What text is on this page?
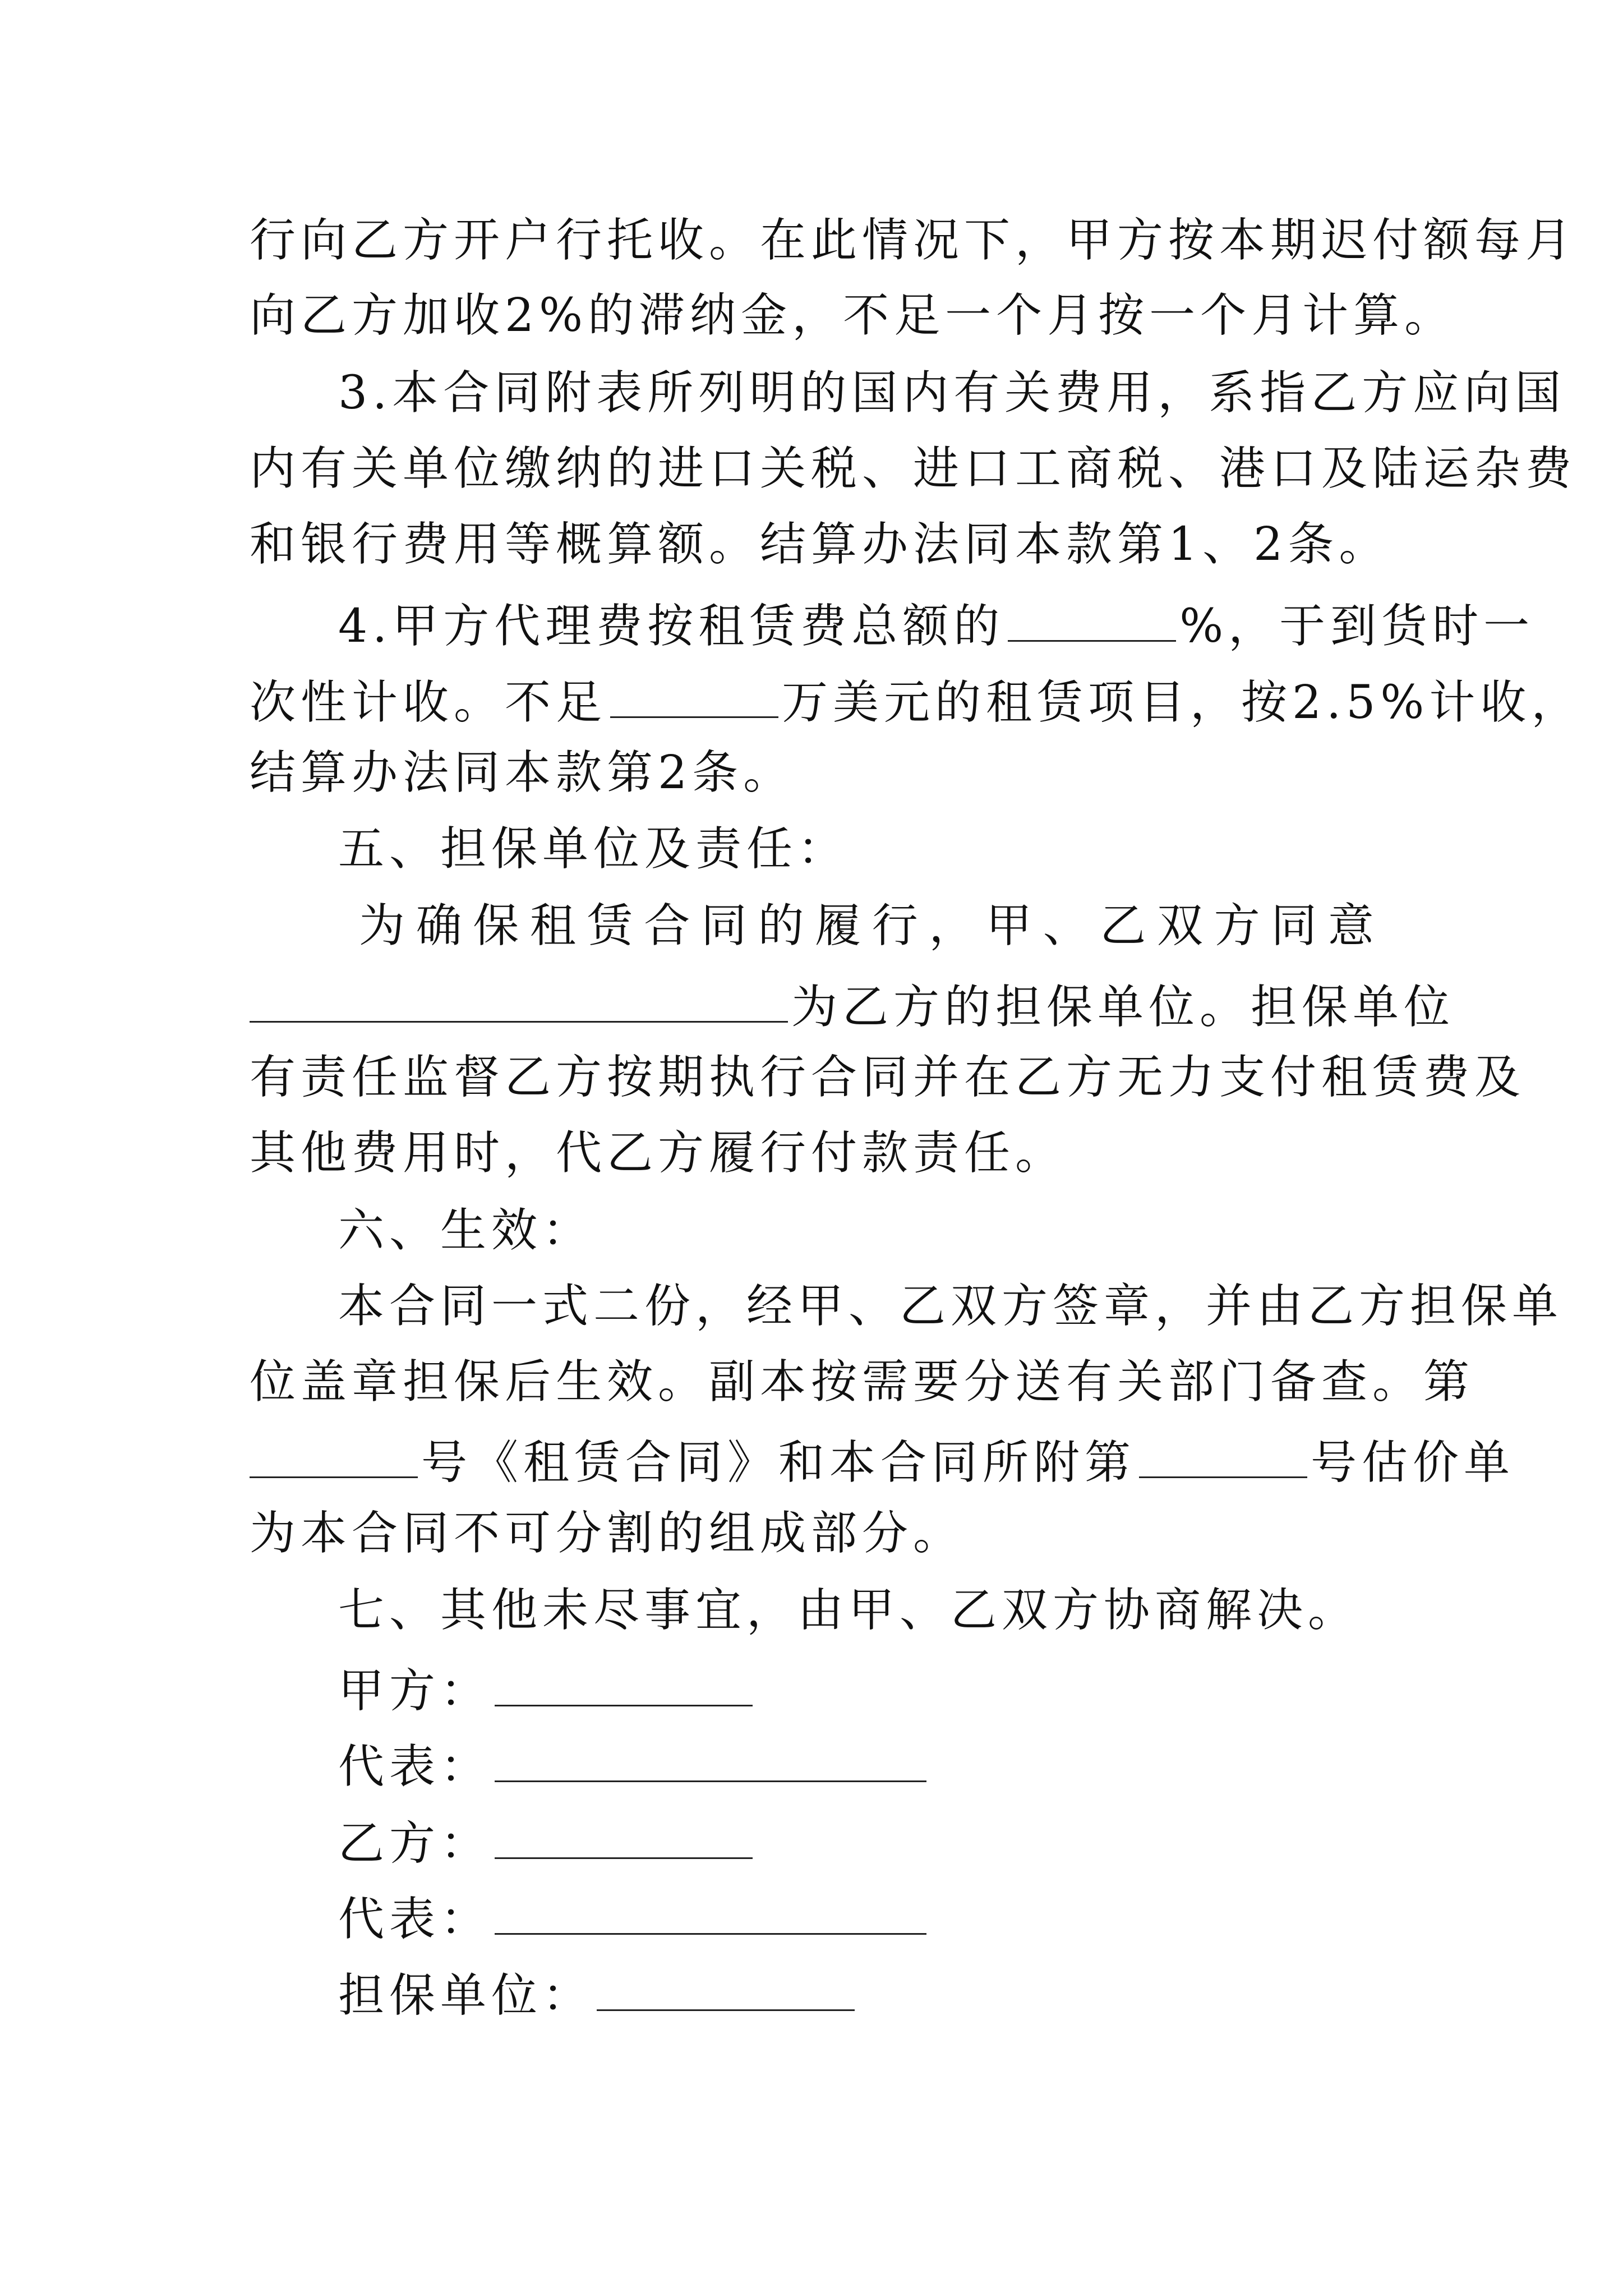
行向乙方开户行托收。在此情况下，甲方按本期迟付额每月
向乙方加收2%的滞纳金，不足一个月按一个月计算。
3.本合同附表所列明的国内有关费用，系指乙方应向国
内有关单位缴纳的进口关税、进口工商税、港口及陆运杂费
和银行费用等概算额。结算办法同本款第1、2条。
4.甲方代理费按租赁费总额的	%，于到货时一
次性计收。不足	万美元的租赁项目，按2.5%计收，
结算办法同本款第2条。
五、担保单位及责任：
为 确 保 租 赁 合 同 的 履 行 ， 甲 、 乙 双 方 同 意
为乙方的担保单位。担保单位
有责任监督乙方按期执行合同并在乙方无力支付租赁费及
其他费用时，代乙方履行付款责任。
六、生效：
本合同一式二份，经甲、乙双方签章，并由乙方担保单
位盖章担保后生效。副本按需要分送有关部门备查。第
号《租赁合同》和本合同所附第	号估价单
为本合同不可分割的组成部分。
七、其他未尽事宜，由甲、乙双方协商解决。
甲方：
代表：
乙方：
代表：
担保单位：
